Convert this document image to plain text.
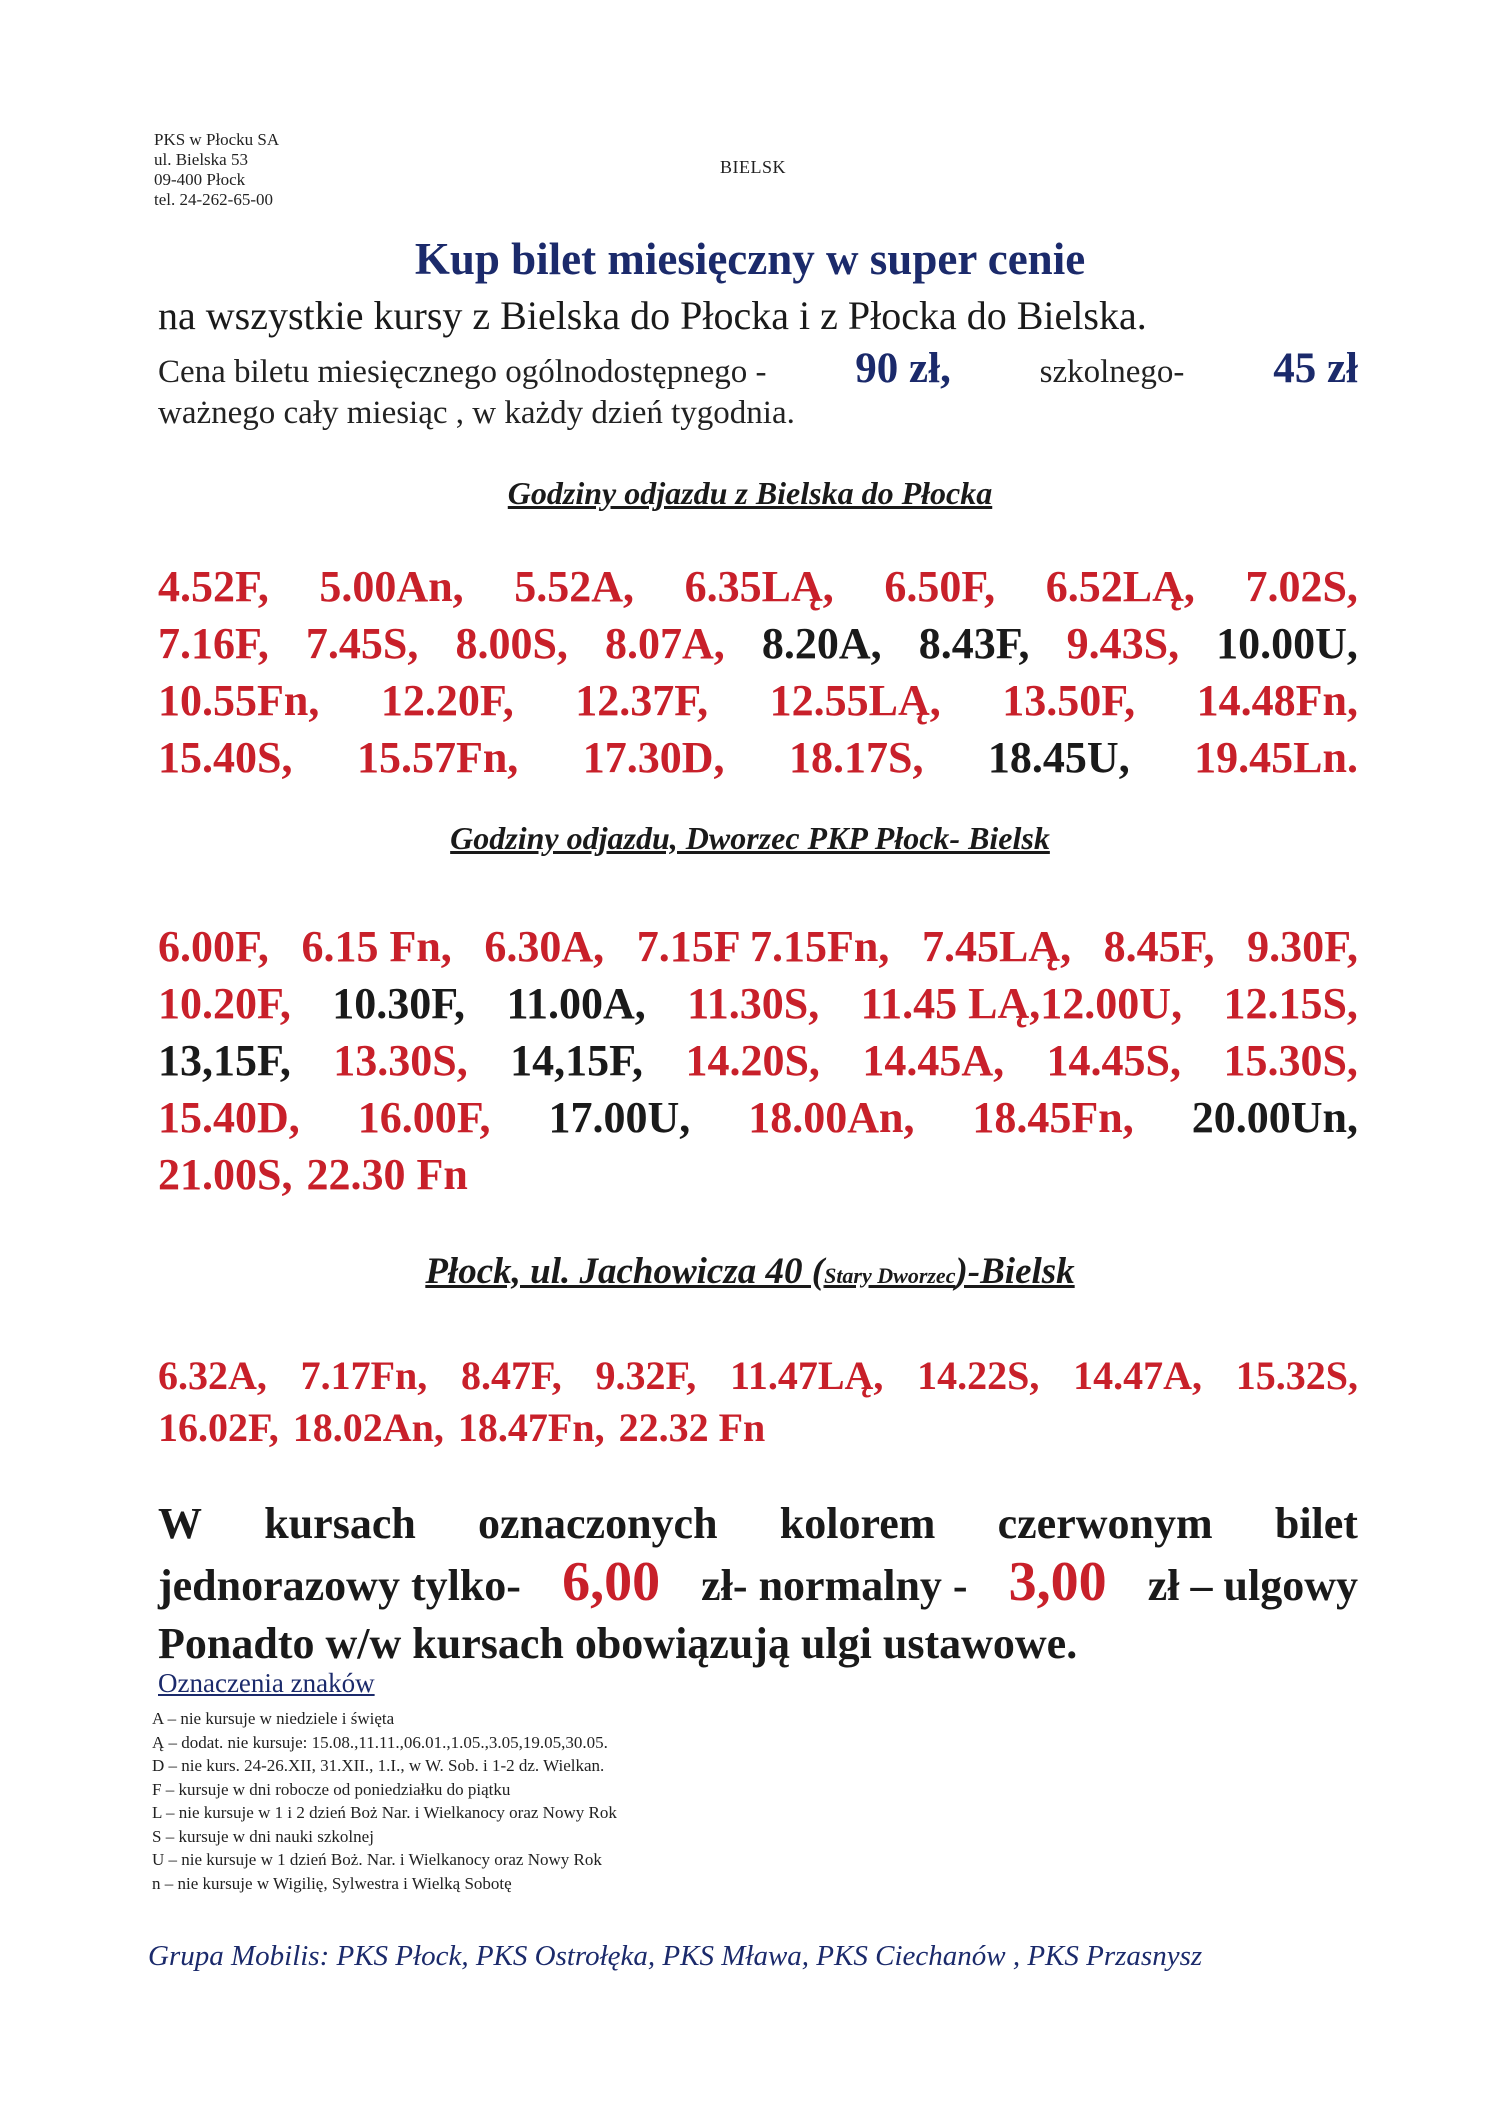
PKS w Płocku SA
ul. Bielska 53
09-400 Płock
tel. 24-262-65-00
BIELSK
Kup bilet miesięczny w super cenie
na wszystkie kursy z Bielska do Płocka i z Płocka do Bielska.
Cena biletu miesięcznego ogólnodostępnego - 90 zł,	szkolnego- 45 zł
ważnego cały miesiąc , w każdy dzień tygodnia.
Godziny odjazdu z Bielska do Płocka
4.52F, 5.00An, 5.52A, 6.35LĄ, 6.50F, 6.52LĄ, 7.02S,
7.16F, 7.45S, 8.00S, 8.07A, 8.20A, 8.43F, 9.43S, 10.00U,
10.55Fn, 12.20F, 12.37F, 12.55LĄ, 13.50F, 14.48Fn,
15.40S, 15.57Fn, 17.30D, 18.17S, 18.45U, 19.45Ln.
Godziny odjazdu, Dworzec PKP Płock- Bielsk
6.00F, 6.15 Fn, 6.30A, 7.15F 7.15Fn, 7.45LĄ, 8.45F, 9.30F,
10.20F, 10.30F, 11.00A, 11.30S, 11.45 LĄ,12.00U, 12.15S,
13,15F, 13.30S, 14,15F, 14.20S, 14.45A, 14.45S, 15.30S,
15.40D, 16.00F, 17.00U, 18.00An, 18.45Fn, 20.00Un,
21.00S, 22.30 Fn
Płock, ul. Jachowicza 40 (Stary Dworzec)-Bielsk
6.32A, 7.17Fn, 8.47F, 9.32F, 11.47LĄ, 14.22S, 14.47A, 15.32S,
16.02F, 18.02An, 18.47Fn, 22.32 Fn
W kursach oznaczonych kolorem czerwonym bilet
jednorazowy tylko- 6,00 zł- normalny - 3,00 zł – ulgowy
Ponadto w/w kursach obowiązują ulgi ustawowe.
Oznaczenia znaków
A – nie kursuje w niedziele i święta
Ą – dodat. nie kursuje: 15.08.,11.11.,06.01.,1.05.,3.05,19.05,30.05.
D – nie kurs. 24-26.XII, 31.XII., 1.I., w W. Sob. i 1-2 dz. Wielkan.
F – kursuje w dni robocze od poniedziałku do piątku
L – nie kursuje w 1 i 2 dzień Boż Nar. i Wielkanocy oraz Nowy Rok
S – kursuje w dni nauki szkolnej
U – nie kursuje w 1 dzień Boż. Nar. i Wielkanocy oraz Nowy Rok
n – nie kursuje w Wigilię, Sylwestra i Wielką Sobotę
Grupa Mobilis: PKS Płock, PKS Ostrołęka, PKS Mława, PKS Ciechanów , PKS Przasnysz
